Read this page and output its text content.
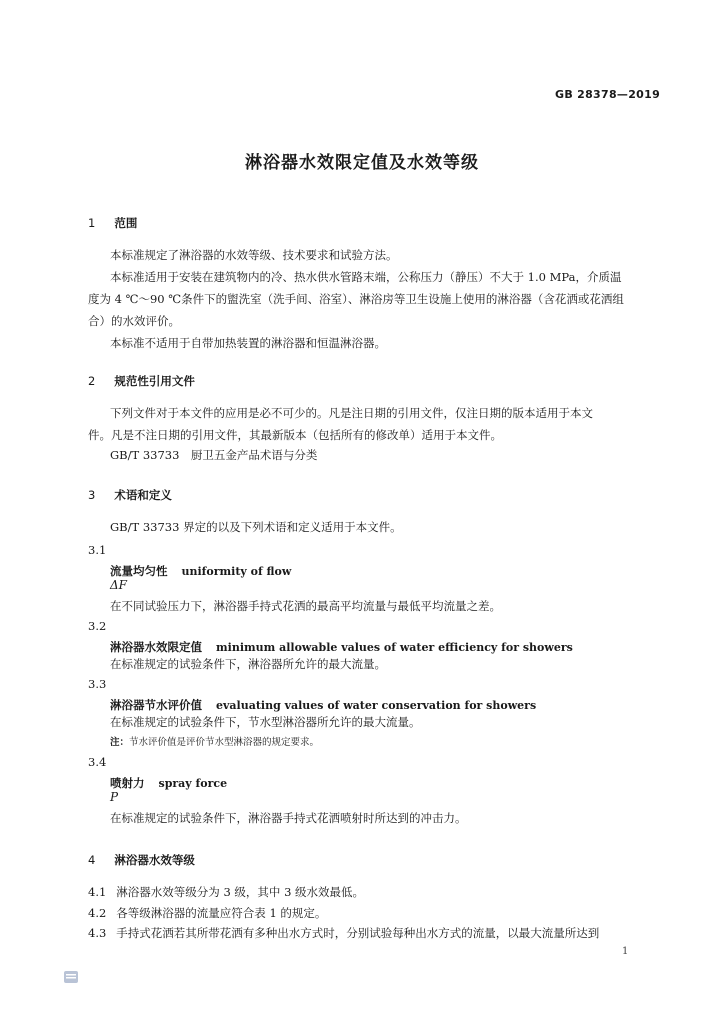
GB 28378—2019
淋浴器水效限定值及水效等级
1 范围
本标准规定了淋浴器的水效等级、技术要求和试验方法。
本标准适用于安装在建筑物内的冷、热水供水管路末端，公称压力（静压）不大于 1.0 MPa，介质温
度为 4 ℃～90 ℃条件下的盥洗室（洗手间、浴室）、淋浴房等卫生设施上使用的淋浴器（含花洒或花洒组
合）的水效评价。
本标准不适用于自带加热装置的淋浴器和恒温淋浴器。
2 规范性引用文件
下列文件对于本文件的应用是必不可少的。凡是注日期的引用文件，仅注日期的版本适用于本文
件。凡是不注日期的引用文件，其最新版本（包括所有的修改单）适用于本文件。
GB/T 33733　厨卫五金产品术语与分类
3 术语和定义
GB/T 33733 界定的以及下列术语和定义适用于本文件。
3.1
流量均匀性 uniformity of flow
ΔF
在不同试验压力下，淋浴器手持式花洒的最高平均流量与最低平均流量之差。
3.2
淋浴器水效限定值 minimum allowable values of water efficiency for showers
在标准规定的试验条件下，淋浴器所允许的最大流量。
3.3
淋浴器节水评价值 evaluating values of water conservation for showers
在标准规定的试验条件下，节水型淋浴器所允许的最大流量。
注：节水评价值是评价节水型淋浴器的规定要求。
3.4
喷射力 spray force
P
在标准规定的试验条件下，淋浴器手持式花洒喷射时所达到的冲击力。
4 淋浴器水效等级
4.1 淋浴器水效等级分为 3 级，其中 3 级水效最低。
4.2 各等级淋浴器的流量应符合表 1 的规定。
4.3 手持式花洒若其所带花洒有多种出水方式时，分别试验每种出水方式的流量，以最大流量所达到
1
